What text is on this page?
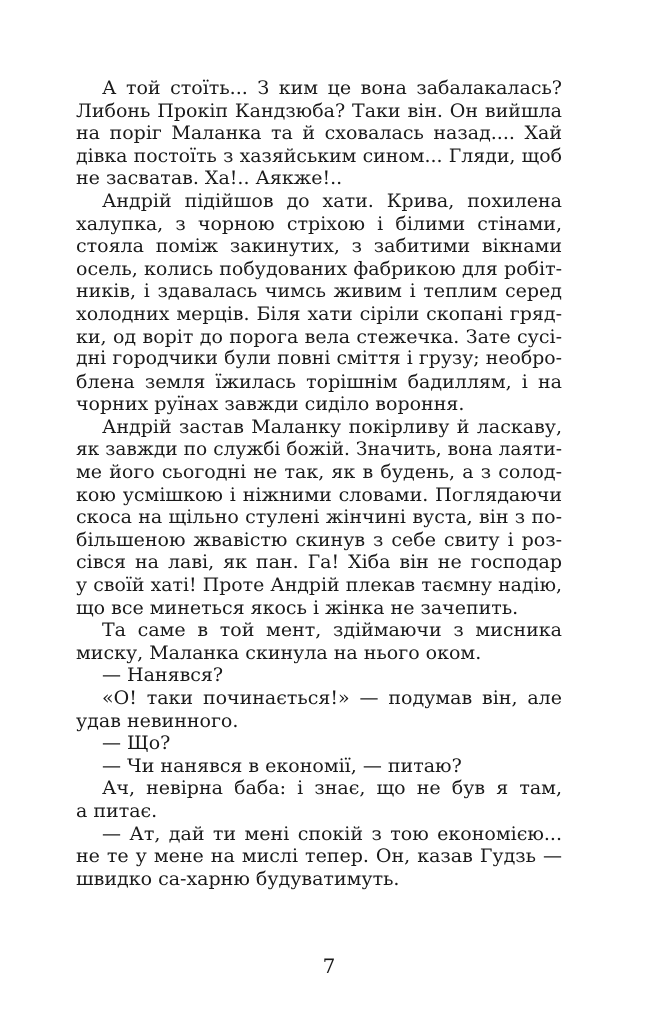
А той стоїть... З ким це вона забалакалась?
Либонь Прокіп Кандзюба? Таки він. Он вийшла
на поріг Маланка та й сховалась назад.... Хай
дівка постоїть з хазяйським сином... Гляди, щоб
не засватав. Ха!.. Аякже!..
Андрій підійшов до хати. Крива, похилена
халупка, з чорною стріхою і білими стінами,
стояла поміж закинутих, з забитими вікнами
осель, колись побудованих фабрикою для робіт-
ників, і здавалась чимсь живим і теплим серед
холодних мерців. Біля хати сіріли скопані гряд-
ки, од воріт до порога вела стежечка. Зате сусі-
дні городчики були повні сміття і грузу; необро-
блена земля їжилась торішнім бадиллям, і на
чорних руїнах завжди сиділо вороння.
Андрій застав Маланку покірливу й ласкаву,
як завжди по службі божій. Значить, вона лаяти-
ме його сьогодні не так, як в будень, а з солод-
кою усмішкою і ніжними словами. Поглядаючи
скоса на щільно стулені жінчині вуста, він з по-
більшеною жвавістю скинув з себе свиту і роз-
сівся на лаві, як пан. Га! Хіба він не господар
у своїй хаті! Проте Андрій плекав таємну надію,
що все минеться якось і жінка не зачепить.
Та саме в той мент, здіймаючи з мисника
миску, Маланка скинула на нього оком.
— Нанявся?
«О! таки починається!» — подумав він, але
удав невинного.
— Що?
— Чи нанявся в економії, — питаю?
Ач, невірна баба: і знає, що не був я там,
а питає.
— Ат, дай ти мені спокій з тою економією...
не те у мене на мислі тепер. Он, казав Гудзь —
швидко са-харню будуватимуть.
7
